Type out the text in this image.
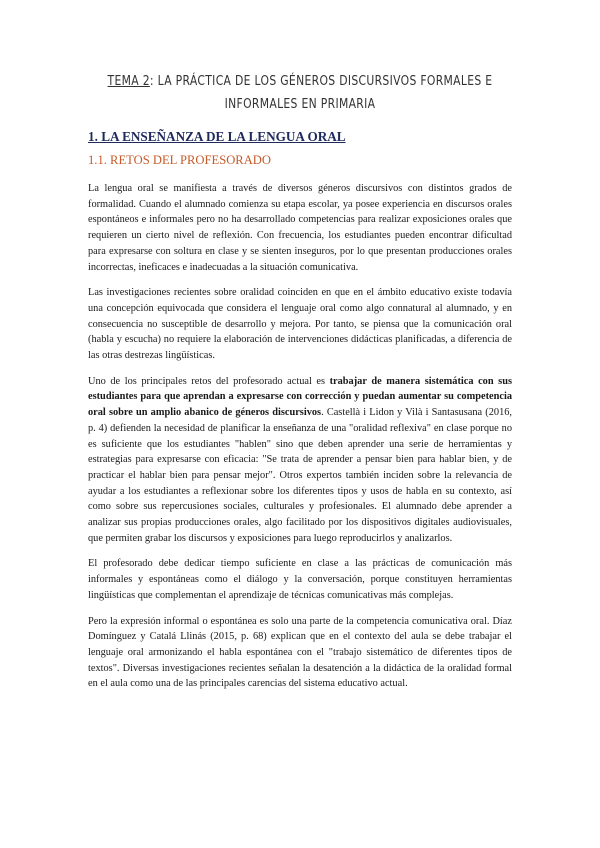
TEMA 2: LA PRÁCTICA DE LOS GÉNEROS DISCURSIVOS FORMALES E INFORMALES EN PRIMARIA
1. LA ENSEÑANZA DE LA LENGUA ORAL
1.1. RETOS DEL PROFESORADO

La lengua oral se manifiesta a través de diversos géneros discursivos con distintos grados de formalidad. Cuando el alumnado comienza su etapa escolar, ya posee experiencia en discursos orales espontáneos e informales pero no ha desarrollado competencias para realizar exposiciones orales que requieren un cierto nivel de reflexión. Con frecuencia, los estudiantes pueden encontrar dificultad para expresarse con soltura en clase y se sienten inseguros, por lo que presentan producciones orales incorrectas, ineficaces e inadecuadas a la situación comunicativa.

Las investigaciones recientes sobre oralidad coinciden en que en el ámbito educativo existe todavía una concepción equivocada que considera el lenguaje oral como algo connatural al alumnado, y en consecuencia no susceptible de desarrollo y mejora. Por tanto, se piensa que la comunicación oral (habla y escucha) no requiere la elaboración de intervenciones didácticas planificadas, a diferencia de las otras destrezas lingüísticas.

Uno de los principales retos del profesorado actual es trabajar de manera sistemática con sus estudiantes para que aprendan a expresarse con corrección y puedan aumentar su competencia oral sobre un amplio abanico de géneros discursivos. Castellà i Lidon y Vilà i Santasusana (2016, p. 4) defienden la necesidad de planificar la enseñanza de una "oralidad reflexiva" en clase porque no es suficiente que los estudiantes "hablen" sino que deben aprender una serie de herramientas y estrategias para expresarse con eficacia: "Se trata de aprender a pensar bien para hablar bien, y de practicar el hablar bien para pensar mejor". Otros expertos también inciden sobre la relevancia de ayudar a los estudiantes a reflexionar sobre los diferentes tipos y usos de habla en su contexto, así como sobre sus repercusiones sociales, culturales y profesionales. El alumnado debe aprender a analizar sus propias producciones orales, algo facilitado por los dispositivos digitales audiovisuales, que permiten grabar los discursos y exposiciones para luego reproducirlos y analizarlos.

El profesorado debe dedicar tiempo suficiente en clase a las prácticas de comunicación más informales y espontáneas como el diálogo y la conversación, porque constituyen herramientas lingüísticas que complementan el aprendizaje de técnicas comunicativas más complejas.

Pero la expresión informal o espontánea es solo una parte de la competencia comunicativa oral. Díaz Domínguez y Catalá Llinás (2015, p. 68) explican que en el contexto del aula se debe trabajar el lenguaje oral armonizando el habla espontánea con el "trabajo sistemático de diferentes tipos de textos". Diversas investigaciones recientes señalan la desatención a la didáctica de la oralidad formal en el aula como una de las principales carencias del sistema educativo actual.
